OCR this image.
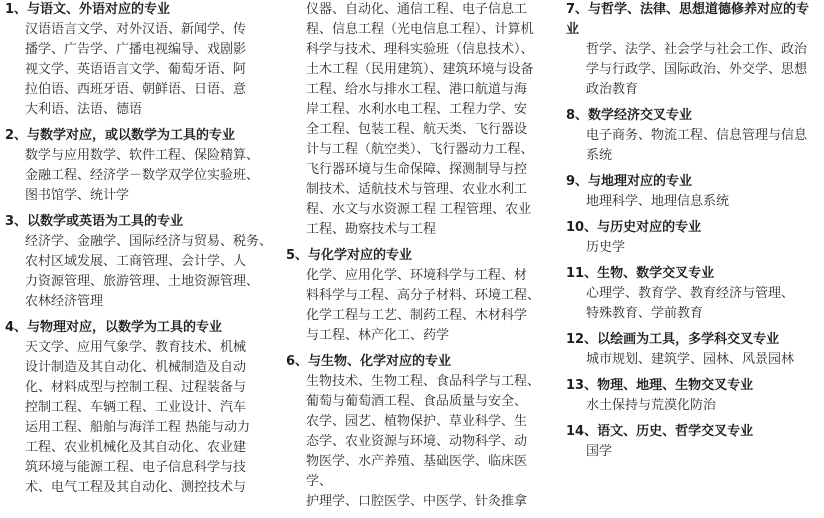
1、与语文、外语对应的专业
汉语语言文学、对外汉语、新闻学、传
播学、广告学、广播电视编导、戏剧影
视文学、英语语言文学、葡萄牙语、阿
拉伯语、西班牙语、朝鲜语、日语、意
大利语、法语、德语
2、与数学对应，或以数学为工具的专业
数学与应用数学、软件工程、保险精算、
金融工程、经济学－数学双学位实验班、
图书馆学、统计学
3、以数学或英语为工具的专业
经济学、金融学、国际经济与贸易、税务、
农村区域发展、工商管理、会计学、人
力资源管理、旅游管理、土地资源管理、
农林经济管理
4、与物理对应，以数学为工具的专业
天文学、应用气象学、教育技术、机械
设计制造及其自动化、机械制造及自动
化、材料成型与控制工程、过程装备与
控制工程、车辆工程、工业设计、汽车
运用工程、船舶与海洋工程 热能与动力
工程、农业机械化及其自动化、农业建
筑环境与能源工程、电子信息科学与技
术、电气工程及其自动化、测控技术与
仪器、自动化、通信工程、电子信息工
程、信息工程（光电信息工程）、计算机
科学与技术、理科实验班（信息技术）、
土木工程（民用建筑）、建筑环境与设备
工程、给水与排水工程、港口航道与海
岸工程、水利水电工程、工程力学、安
全工程、包装工程、航天类、飞行器设
计与工程（航空类）、飞行器动力工程、
飞行器环境与生命保障、探测制导与控
制技术、适航技术与管理、农业水利工
程、水文与水资源工程 工程管理、农业
工程、勘察技术与工程
5、与化学对应的专业
化学、应用化学、环境科学与工程、材
料科学与工程、高分子材料、环境工程、
化学工程与工艺、制药工程、木材科学
与工程、林产化工、药学
6、与生物、化学对应的专业
生物技术、生物工程、食品科学与工程、
葡萄与葡萄酒工程、食品质量与安全、
农学、园艺、植物保护、草业科学、生
态学、农业资源与环境、动物科学、动
物医学、水产养殖、基础医学、临床医学、
护理学、口腔医学、中医学、针灸推拿
7、与哲学、法律、思想道德修养对应的专
业
哲学、法学、社会学与社会工作、政治
学与行政学、国际政治、外交学、思想
政治教育
8、数学经济交叉专业
电子商务、物流工程、信息管理与信息
系统
9、与地理对应的专业
地理科学、地理信息系统
10、与历史对应的专业
历史学
11、生物、数学交叉专业
心理学、教育学、教育经济与管理、
特殊教育、学前教育
12、以绘画为工具，多学科交叉专业
城市规划、建筑学、园林、风景园林
13、物理、地理、生物交叉专业
水土保持与荒漠化防治
14、语文、历史、哲学交叉专业
国学
